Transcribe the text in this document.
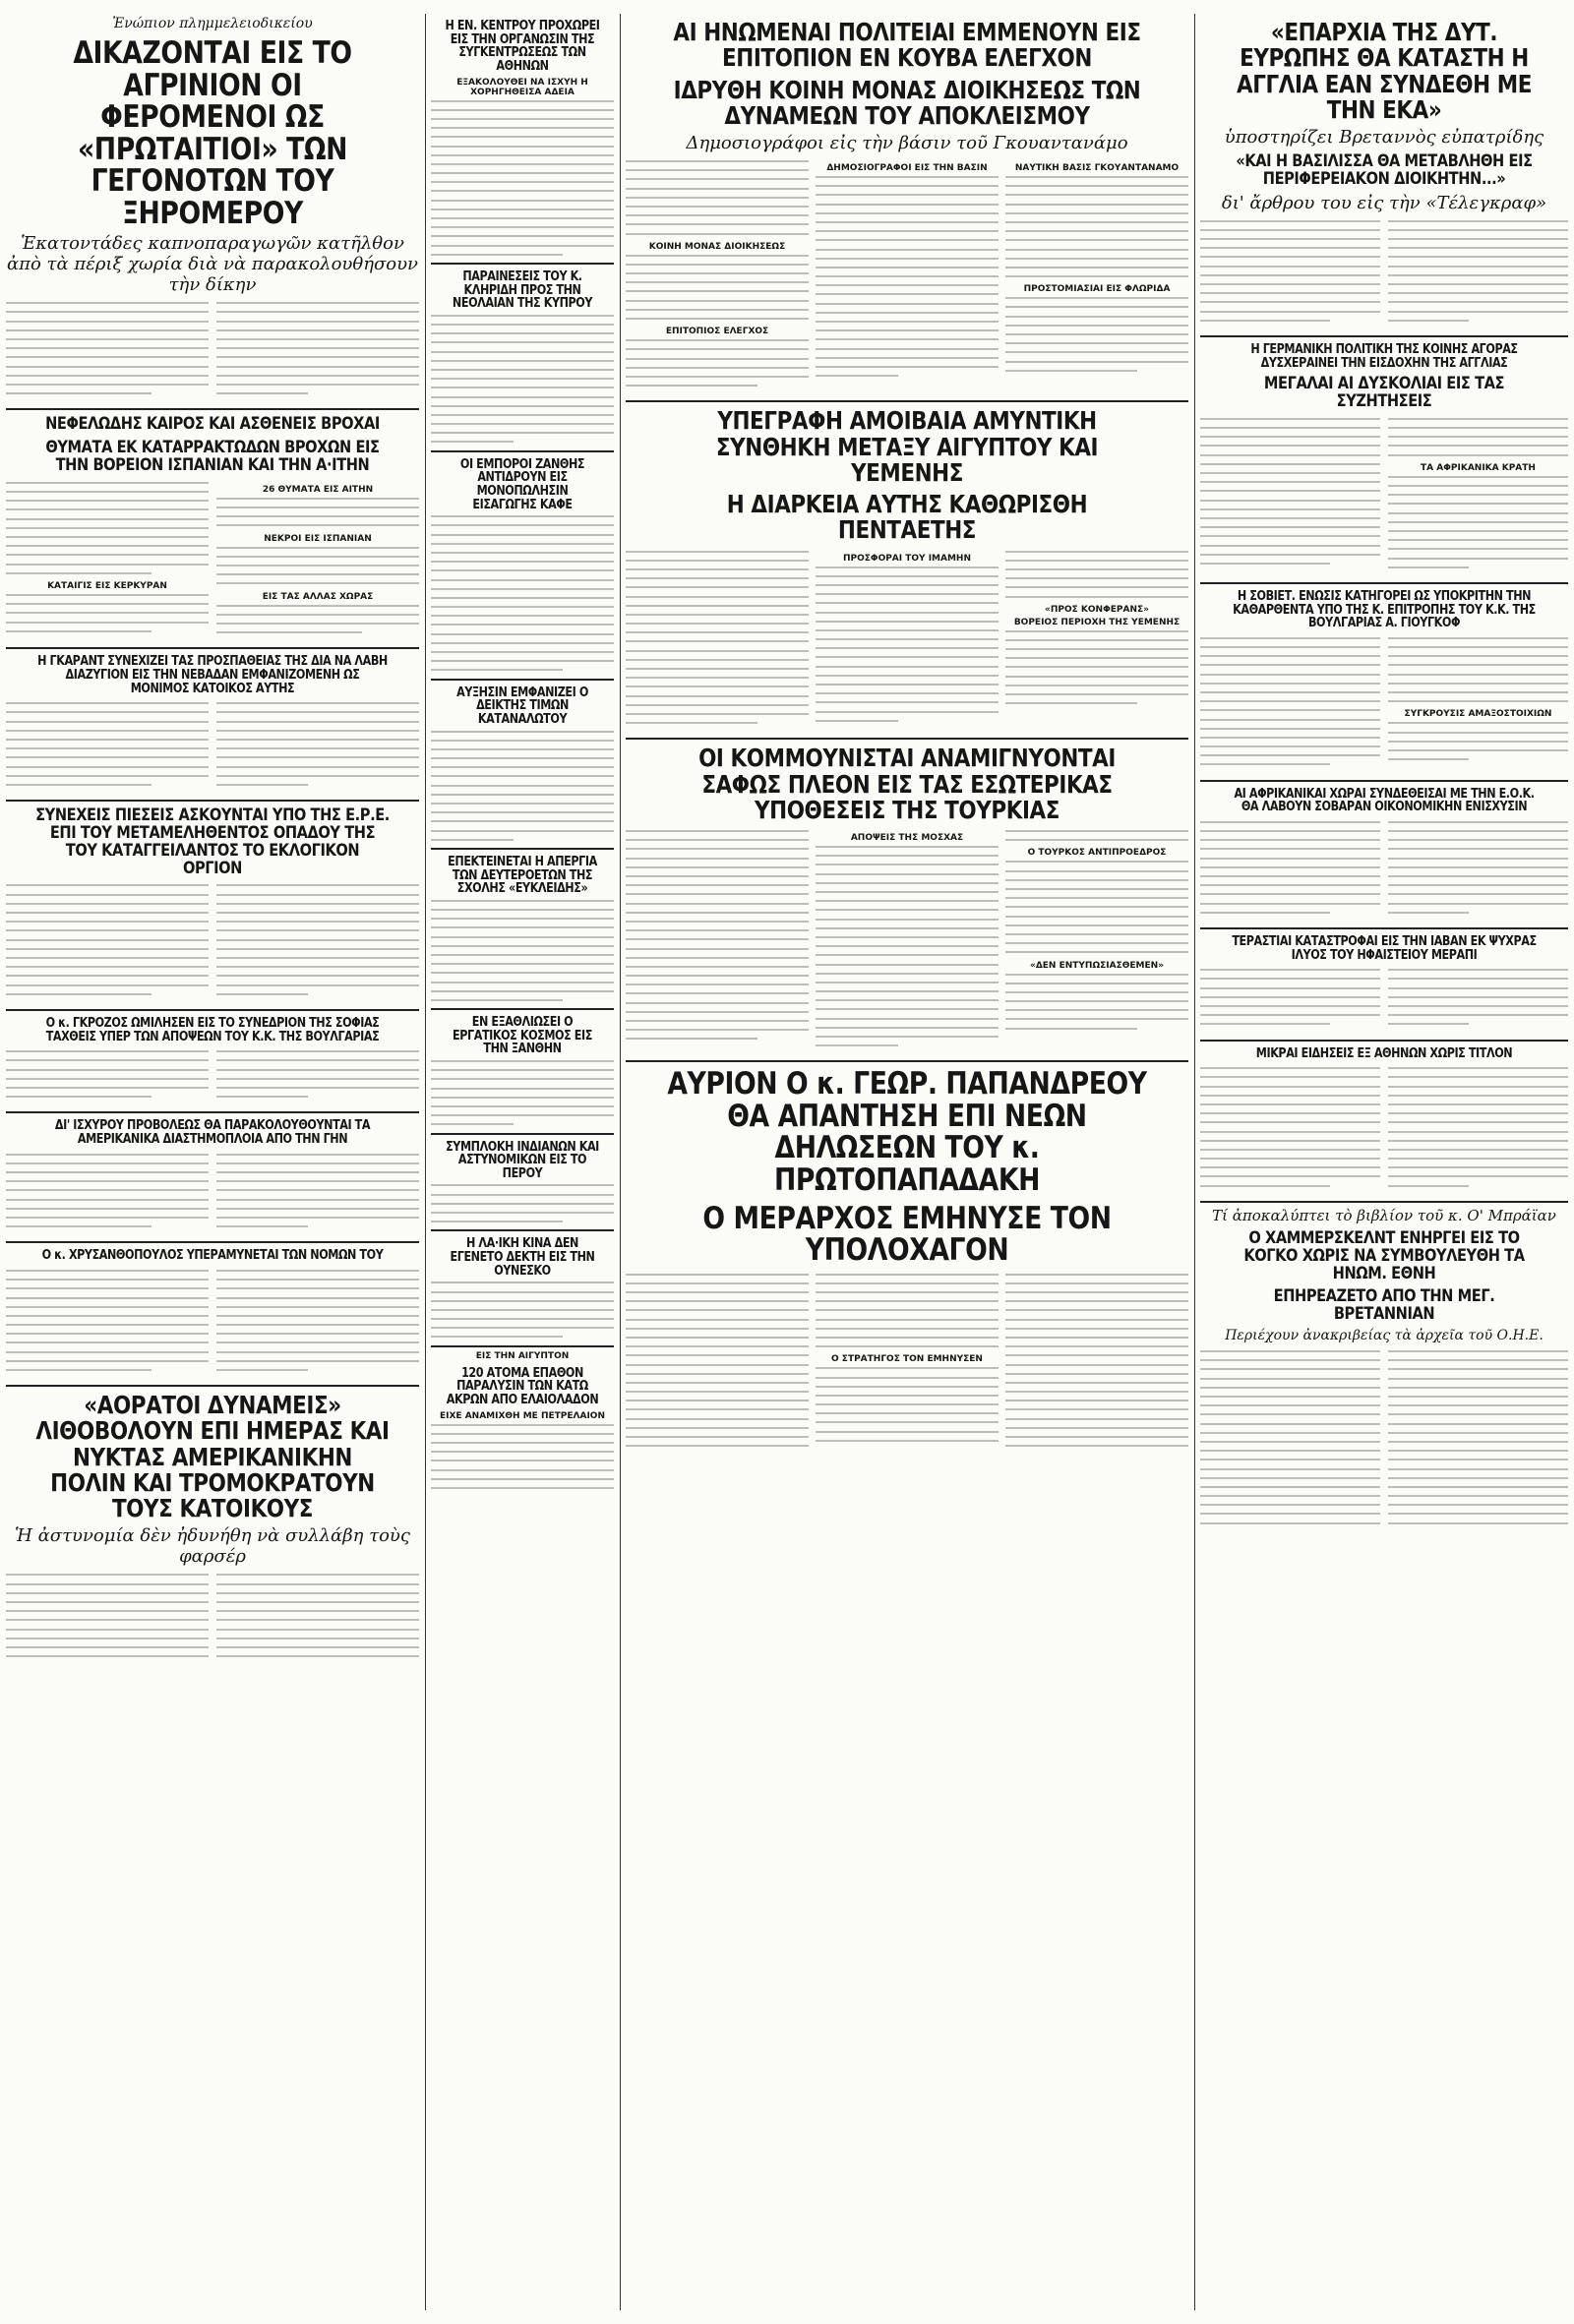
Ἐνώπιον πλημμελειοδικείου
ΔΙΚΑΖΟΝΤΑΙ ΕΙΣ ΤΟ ΑΓΡΙΝΙΟΝ ΟΙ ΦΕΡΟΜΕΝΟΙ ΩΣ «ΠΡΩΤΑΙΤΙΟΙ» ΤΩΝ ΓΕΓΟΝΟΤΩΝ ΤΟΥ ΞΗΡΟΜΕΡΟΥ
Ἑκατοντάδες καπνοπαραγωγῶν κατῆλθον ἀπὸ τὰ πέριξ χωρία διὰ νὰ παρακολουθήσουν τὴν δίκην
ΝΕΦΕΛΩΔΗΣ ΚΑΙΡΟΣ ΚΑΙ ΑΣΘΕΝΕΙΣ ΒΡΟΧΑΙ
ΘΥΜΑΤΑ ΕΚ ΚΑΤΑΡΡΑΚΤΩΔΩΝ ΒΡΟΧΩΝ ΕΙΣ ΤΗΝ ΒΟΡΕΙΟΝ ΙΣΠΑΝΙΑΝ ΚΑΙ ΤΗΝ Α·ΙΤΗΝ
ΚΑΤΑΙΓΙΣ ΕΙΣ ΚΕΡΚΥΡΑΝ
26 ΘΥΜΑΤΑ ΕΙΣ ΑΙΤΗΝ
ΝΕΚΡΟΙ ΕΙΣ ΙΣΠΑΝΙΑΝ
ΕΙΣ ΤΑΣ ΑΛΛΑΣ ΧΩΡΑΣ
Η ΓΚΑΡΑΝΤ ΣΥΝΕΧΙΖΕΙ ΤΑΣ ΠΡΟΣΠΑΘΕΙΑΣ ΤΗΣ ΔΙΑ ΝΑ ΛΑΒΗ ΔΙΑΖΥΓΙΟΝ ΕΙΣ ΤΗΝ ΝΕΒΑΔΑΝ ΕΜΦΑΝΙΖΟΜΕΝΗ ΩΣ ΜΟΝΙΜΟΣ ΚΑΤΟΙΚΟΣ ΑΥΤΗΣ
ΣΥΝΕΧΕΙΣ ΠΙΕΣΕΙΣ ΑΣΚΟΥΝΤΑΙ ΥΠΟ ΤΗΣ Ε.Ρ.Ε. ΕΠΙ ΤΟΥ ΜΕΤΑΜΕΛΗΘΕΝΤΟΣ ΟΠΑΔΟΥ ΤΗΣ ΤΟΥ ΚΑΤΑΓΓΕΙΛΑΝΤΟΣ ΤΟ ΕΚΛΟΓΙΚΟΝ ΟΡΓΙΟΝ
Ο κ. ΓΚΡΟΖΟΣ ΩΜΙΛΗΣΕΝ ΕΙΣ ΤΟ ΣΥΝΕΔΡΙΟΝ ΤΗΣ ΣΟΦΙΑΣ ΤΑΧΘΕΙΣ ΥΠΕΡ ΤΩΝ ΑΠΟΨΕΩΝ ΤΟΥ Κ.Κ. ΤΗΣ ΒΟΥΛΓΑΡΙΑΣ
ΔΙ' ΙΣΧΥΡΟΥ ΠΡΟΒΟΛΕΩΣ ΘΑ ΠΑΡΑΚΟΛΟΥΘΟΥΝΤΑΙ ΤΑ ΑΜΕΡΙΚΑΝΙΚΑ ΔΙΑΣΤΗΜΟΠΛΟΙΑ ΑΠΟ ΤΗΝ ΓΗΝ
Ο κ. ΧΡΥΣΑΝΘΟΠΟΥΛΟΣ ΥΠΕΡΑΜΥΝΕΤΑΙ ΤΩΝ ΝΟΜΩΝ ΤΟΥ
«ΑΟΡΑΤΟΙ ΔΥΝΑΜΕΙΣ» ΛΙΘΟΒΟΛΟΥΝ ΕΠΙ ΗΜΕΡΑΣ ΚΑΙ ΝΥΚΤΑΣ ΑΜΕΡΙΚΑΝΙΚΗΝ ΠΟΛΙΝ ΚΑΙ ΤΡΟΜΟΚΡΑΤΟΥΝ ΤΟΥΣ ΚΑΤΟΙΚΟΥΣ
Ἡ ἀστυνομία δὲν ἠδυνήθη νὰ συλλάβη τοὺς φαρσέρ
Η ΕΝ. ΚΕΝΤΡΟΥ ΠΡΟΧΩΡΕΙ ΕΙΣ ΤΗΝ ΟΡΓΑΝΩΣΙΝ ΤΗΣ ΣΥΓΚΕΝΤΡΩΣΕΩΣ ΤΩΝ ΑΘΗΝΩΝ
ΕΞΑΚΟΛΟΥΘΕΙ ΝΑ ΙΣΧΥΗ Η ΧΟΡΗΓΗΘΕΙΣΑ ΑΔΕΙΑ
ΠΑΡΑΙΝΕΣΕΙΣ ΤΟΥ Κ. ΚΛΗΡΙΔΗ ΠΡΟΣ ΤΗΝ ΝΕΟΛΑΙΑΝ ΤΗΣ ΚΥΠΡΟΥ
ΟΙ ΕΜΠΟΡΟΙ ΖΑΝΘΗΣ ΑΝΤΙΔΡΟΥΝ ΕΙΣ ΜΟΝΟΠΩΛΗΣΙΝ ΕΙΣΑΓΩΓΗΣ ΚΑΦΕ
ΑΥΞΗΣΙΝ ΕΜΦΑΝΙΖΕΙ Ο ΔΕΙΚΤΗΣ ΤΙΜΩΝ ΚΑΤΑΝΑΛΩΤΟΥ
ΕΠΕΚΤΕΙΝΕΤΑΙ Η ΑΠΕΡΓΙΑ ΤΩΝ ΔΕΥΤΕΡΟΕΤΩΝ ΤΗΣ ΣΧΟΛΗΣ «ΕΥΚΛΕΙΔΗΣ»
ΕΝ ΕΞΑΘΛΙΩΣΕΙ Ο ΕΡΓΑΤΙΚΟΣ ΚΟΣΜΟΣ ΕΙΣ ΤΗΝ ΞΑΝΘΗΝ
ΣΥΜΠΛΟΚΗ ΙΝΔΙΑΝΩΝ ΚΑΙ ΑΣΤΥΝΟΜΙΚΩΝ ΕΙΣ ΤΟ ΠΕΡΟΥ
Η ΛΑ·ΙΚΗ ΚΙΝΑ ΔΕΝ ΕΓΕΝΕΤΟ ΔΕΚΤΗ ΕΙΣ ΤΗΝ ΟΥΝΕΣΚΟ
ΕΙΣ ΤΗΝ ΑΙΓΥΠΤΟΝ
120 ΑΤΟΜΑ ΕΠΑΘΟΝ ΠΑΡΑΛΥΣΙΝ ΤΩΝ ΚΑΤΩ ΑΚΡΩΝ ΑΠΟ ΕΛΑΙΟΛΑΔΟΝ
ΕΙΧΕ ΑΝΑΜΙΧΘΗ ΜΕ ΠΕΤΡΕΛΑΙΟΝ
ΑΙ ΗΝΩΜΕΝΑΙ ΠΟΛΙΤΕΙΑΙ ΕΜΜΕΝΟΥΝ ΕΙΣ ΕΠΙΤΟΠΙΟΝ ΕΝ ΚΟΥΒΑ ΕΛΕΓΧΟΝ
ΙΔΡΥΘΗ ΚΟΙΝΗ ΜΟΝΑΣ ΔΙΟΙΚΗΣΕΩΣ ΤΩΝ ΔΥΝΑΜΕΩΝ ΤΟΥ ΑΠΟΚΛΕΙΣΜΟΥ
Δημοσιογράφοι εἰς τὴν βάσιν τοῦ Γκουαντανάμο
ΚΟΙΝΗ ΜΟΝΑΣ ΔΙΟΙΚΗΣΕΩΣ
ΕΠΙΤΟΠΙΟΣ ΕΛΕΓΧΟΣ
ΔΗΜΟΣΙΟΓΡΑΦΟΙ ΕΙΣ ΤΗΝ ΒΑΣΙΝ	ΝΑΥΤΙΚΗ ΒΑΣΙΣ ΓΚΟΥΑΝΤΑΝΑΜΟ
ΠΡΟΣΤΟΜΙΑΣΙΑΙ ΕΙΣ ΦΛΩΡΙΔΑ
ΥΠΕΓΡΑΦΗ ΑΜΟΙΒΑΙΑ ΑΜΥΝΤΙΚΗ ΣΥΝΘΗΚΗ ΜΕΤΑΞΥ ΑΙΓΥΠΤΟΥ ΚΑΙ ΥΕΜΕΝΗΣ
Η ΔΙΑΡΚΕΙΑ ΑΥΤΗΣ ΚΑΘΩΡΙΣΘΗ ΠΕΝΤΑΕΤΗΣ
ΠΡΟΣΦΟΡΑΙ ΤΟΥ ΙΜΑΜΗΝ
«ΠΡΟΣ ΚΟΝΦΕΡΑΝΣ»
ΒΟΡΕΙΟΣ ΠΕΡΙΟΧΗ ΤΗΣ ΥΕΜΕΝΗΣ
ΟΙ ΚΟΜΜΟΥΝΙΣΤΑΙ ΑΝΑΜΙΓΝΥΟΝΤΑΙ ΣΑΦΩΣ ΠΛΕΟΝ ΕΙΣ ΤΑΣ ΕΣΩΤΕΡΙΚΑΣ ΥΠΟΘΕΣΕΙΣ ΤΗΣ ΤΟΥΡΚΙΑΣ
ΑΠΟΨΕΙΣ ΤΗΣ ΜΟΣΧΑΣ
Ο ΤΟΥΡΚΟΣ ΑΝΤΙΠΡΟΕΔΡΟΣ
«ΔΕΝ ΕΝΤΥΠΩΣΙΑΣΘΕΜΕΝ»
ΑΥΡΙΟΝ Ο κ. ΓΕΩΡ. ΠΑΠΑΝΔΡΕΟΥ ΘΑ ΑΠΑΝΤΗΣΗ ΕΠΙ ΝΕΩΝ ΔΗΛΩΣΕΩΝ ΤΟΥ κ. ΠΡΩΤΟΠΑΠΑΔΑΚΗ
Ο ΜΕΡΑΡΧΟΣ ΕΜΗΝΥΣΕ ΤΟΝ ΥΠΟΛΟΧΑΓΟΝ
Ο ΣΤΡΑΤΗΓΟΣ ΤΟΝ ΕΜΗΝΥΣΕΝ
«ΕΠΑΡΧΙΑ ΤΗΣ ΔΥΤ. ΕΥΡΩΠΗΣ ΘΑ ΚΑΤΑΣΤΗ Η ΑΓΓΛΙΑ ΕΑΝ ΣΥΝΔΕΘΗ ΜΕ ΤΗΝ ΕΚΑ»
ὑποστηρίζει Βρεταννὸς εὐπατρίδης
«ΚΑΙ Η ΒΑΣΙΛΙΣΣΑ ΘΑ ΜΕΤΑΒΛΗΘΗ ΕΙΣ ΠΕΡΙΦΕΡΕΙΑΚΟΝ ΔΙΟΙΚΗΤΗΝ...»
δι' ἄρθρου του εἰς τὴν «Τέλεγκραφ»
Η ΓΕΡΜΑΝΙΚΗ ΠΟΛΙΤΙΚΗ ΤΗΣ ΚΟΙΝΗΣ ΑΓΟΡΑΣ ΔΥΣΧΕΡΑΙΝΕΙ ΤΗΝ ΕΙΣΔΟΧΗΝ ΤΗΣ ΑΓΓΛΙΑΣ
ΜΕΓΑΛΑΙ ΑΙ ΔΥΣΚΟΛΙΑΙ ΕΙΣ ΤΑΣ ΣΥΖΗΤΗΣΕΙΣ
ΤΑ ΑΦΡΙΚΑΝΙΚΑ ΚΡΑΤΗ
Η ΣΟΒΙΕΤ. ΕΝΩΣΙΣ ΚΑΤΗΓΟΡΕΙ ΩΣ ΥΠΟΚΡΙΤΗΝ ΤΗΝ ΚΑΘΑΡΘΕΝΤΑ ΥΠΟ ΤΗΣ Κ. ΕΠΙΤΡΟΠΗΣ ΤΟΥ Κ.Κ. ΤΗΣ ΒΟΥΛΓΑΡΙΑΣ Α. ΓΙΟΥΓΚΟΦ
ΣΥΓΚΡΟΥΣΙΣ ΑΜΑΞΟΣΤΟΙΧΙΩΝ
ΑΙ ΑΦΡΙΚΑΝΙΚΑΙ ΧΩΡΑΙ ΣΥΝΔΕΘΕΙΣΑΙ ΜΕ ΤΗΝ Ε.Ο.Κ. ΘΑ ΛΑΒΟΥΝ ΣΟΒΑΡΑΝ ΟΙΚΟΝΟΜΙΚΗΝ ΕΝΙΣΧΥΣΙΝ
ΤΕΡΑΣΤΙΑΙ ΚΑΤΑΣΤΡΟΦΑΙ ΕΙΣ ΤΗΝ ΙΑΒΑΝ ΕΚ ΨΥΧΡΑΣ ΙΛΥΟΣ ΤΟΥ ΗΦΑΙΣΤΕΙΟΥ ΜΕΡΑΠΙ
ΜΙΚΡΑΙ ΕΙΔΗΣΕΙΣ ΕΞ ΑΘΗΝΩΝ ΧΩΡΙΣ ΤΙΤΛΟΝ
Τί ἀποκαλύπτει τὸ βιβλίον τοῦ κ. Ο' Μπράϊαν
Ο ΧΑΜΜΕΡΣΚΕΛΝΤ ΕΝΗΡΓΕΙ ΕΙΣ ΤΟ ΚΟΓΚΟ ΧΩΡΙΣ ΝΑ ΣΥΜΒΟΥΛΕΥΘΗ ΤΑ ΗΝΩΜ. ΕΘΝΗ
ΕΠΗΡΕΑΖΕΤΟ ΑΠΟ ΤΗΝ ΜΕΓ. ΒΡΕΤΑΝΝΙΑΝ
Περιέχουν ἀνακριβείας τὰ ἀρχεῖα τοῦ Ο.Η.Ε.
